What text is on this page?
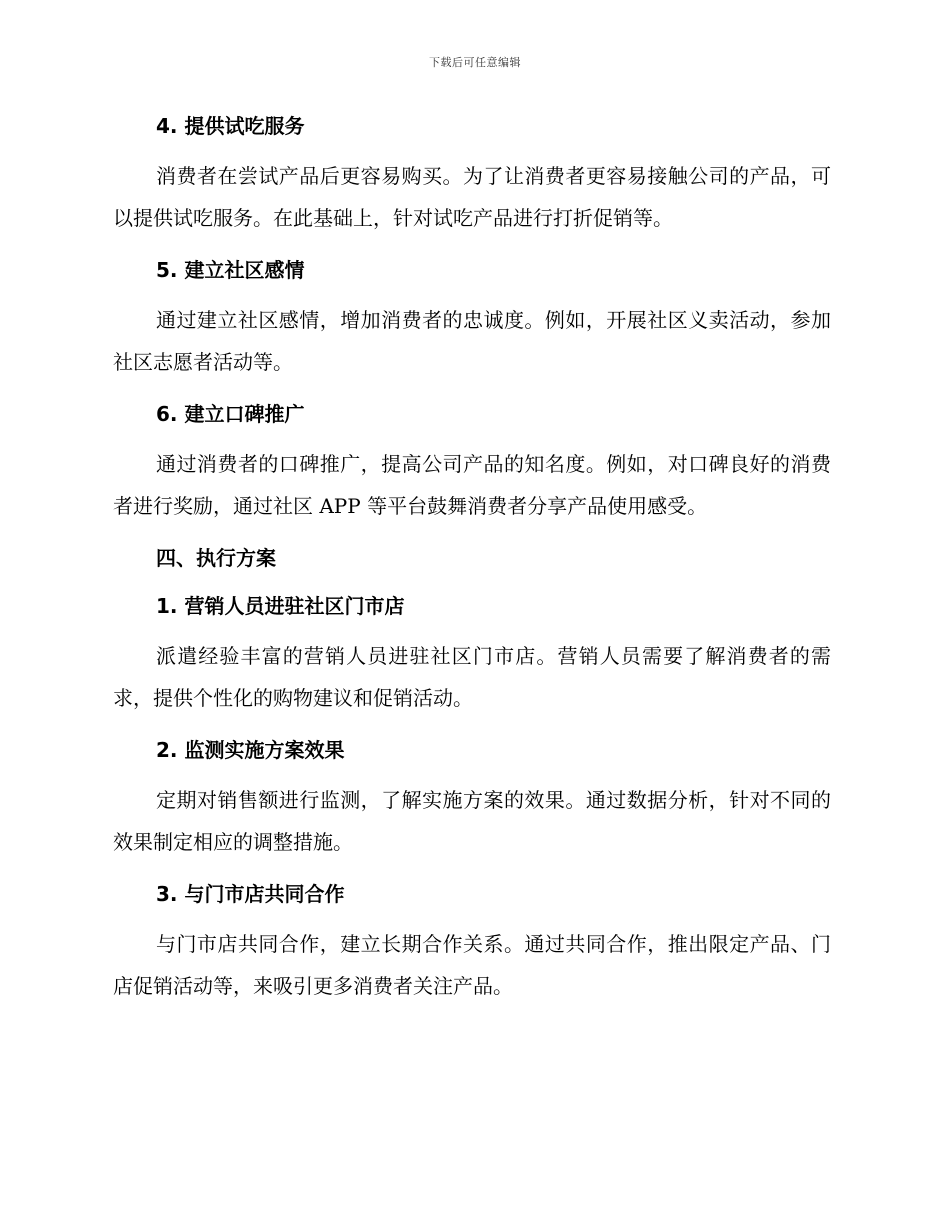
下载后可任意编辑
4. 提供试吃服务

消费者在尝试产品后更容易购买。为了让消费者更容易接触公司的产品，可以提供试吃服务。在此基础上，针对试吃产品进行打折促销等。

5. 建立社区感情

通过建立社区感情，增加消费者的忠诚度。例如，开展社区义卖活动，参加社区志愿者活动等。

6. 建立口碑推广

通过消费者的口碑推广，提高公司产品的知名度。例如，对口碑良好的消费者进行奖励，通过社区 APP 等平台鼓舞消费者分享产品使用感受。

四、执行方案
1. 营销人员进驻社区门市店

派遣经验丰富的营销人员进驻社区门市店。营销人员需要了解消费者的需求，提供个性化的购物建议和促销活动。

2. 监测实施方案效果

定期对销售额进行监测，了解实施方案的效果。通过数据分析，针对不同的效果制定相应的调整措施。

3. 与门市店共同合作

与门市店共同合作，建立长期合作关系。通过共同合作，推出限定产品、门店促销活动等，来吸引更多消费者关注产品。
